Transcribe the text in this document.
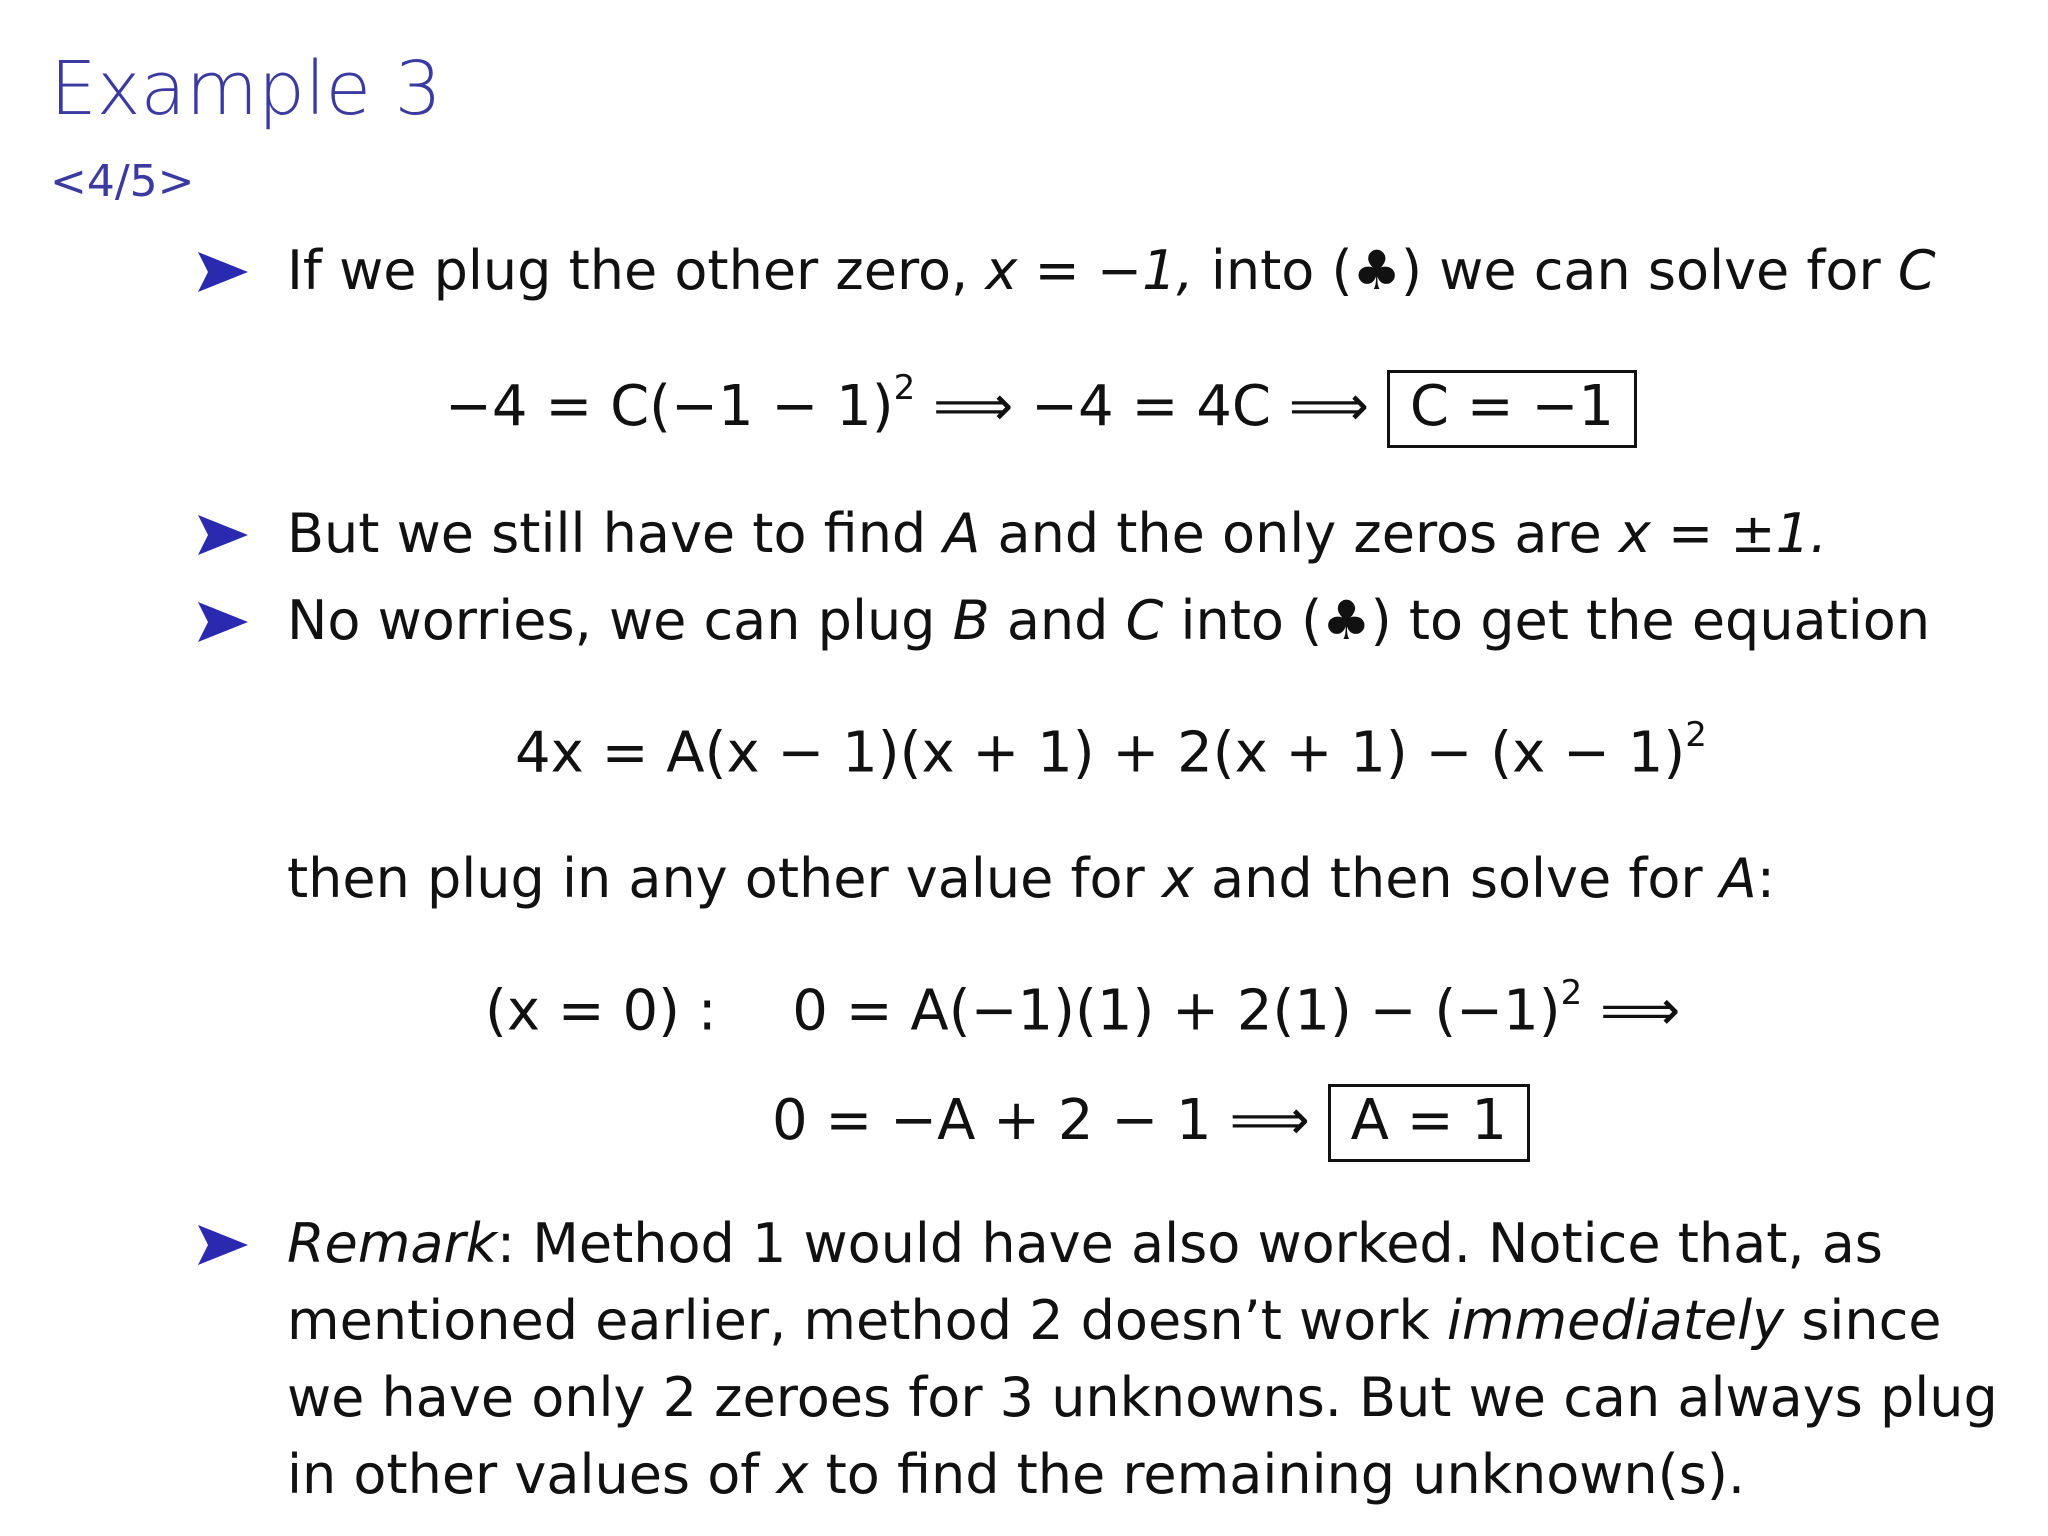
Example 3
<4/5>
If we plug the other zero, x = −1, into (♣) we can solve for C
$-4 = C(-1 - 1)^2$ ⟹ −4 = 4C ⟹ C = −1
But we still have to find A and the only zeros are x = ±1.
No worries, we can plug B and C into (♣) to get the equation
$4x = A(x - 1)(x + 1) + 2(x + 1) - (x - 1)^2$
then plug in any other value for x and then solve for A:
(x = 0) : $0 = A(-1)(1) + 2(1) - (-1)^2$ ⟹
0 = −A + 2 − 1 ⟹ A = 1
Remark: Method 1 would have also worked. Notice that, as
mentioned earlier, method 2 doesn’t work immediately since
we have only 2 zeroes for 3 unknowns. But we can always plug
in other values of x to find the remaining unknown(s).
